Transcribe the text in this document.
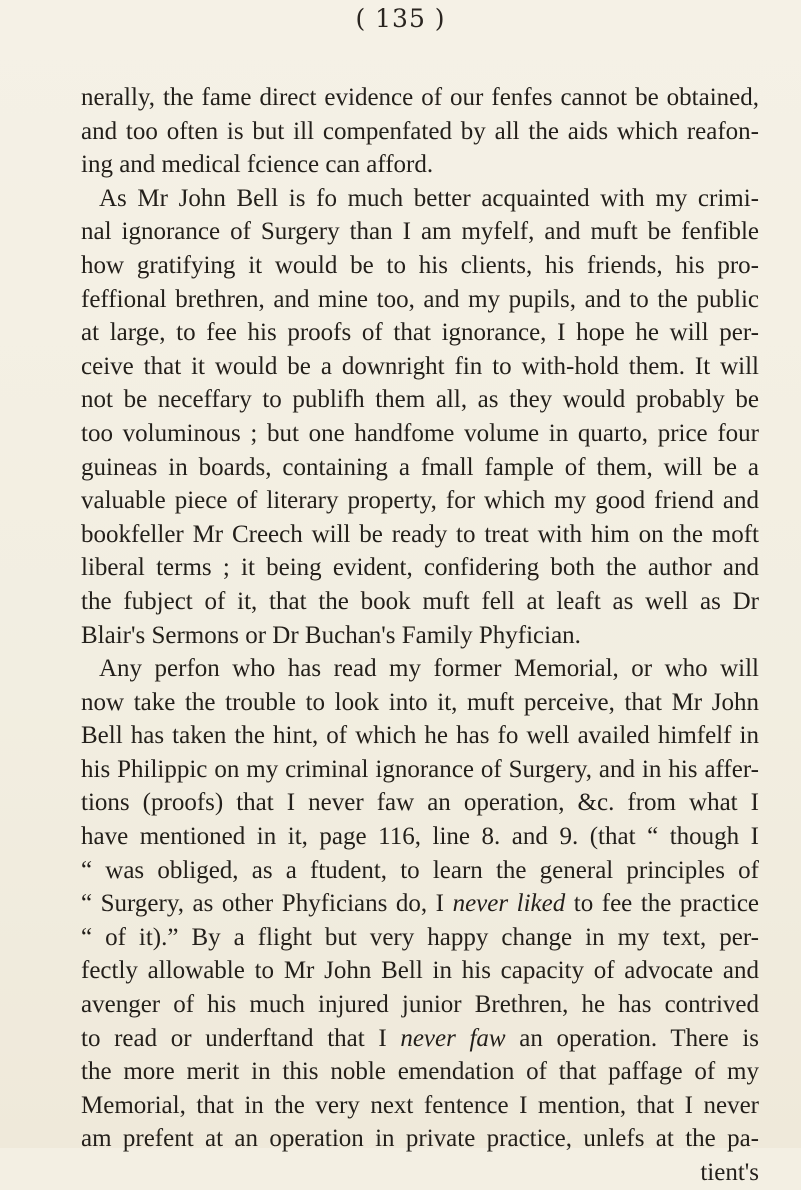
( 135 )
nerally, the fame direct evidence of our fenfes cannot be obtained,
and too often is but ill compenfated by all the aids which reafon-
ing and medical fcience can afford.
As Mr John Bell is fo much better acquainted with my crimi-
nal ignorance of Surgery than I am myfelf, and muft be fenfible
how gratifying it would be to his clients, his friends, his pro-
feffional brethren, and mine too, and my pupils, and to the public
at large, to fee his proofs of that ignorance, I hope he will per-
ceive that it would be a downright fin to with-hold them. It will
not be neceffary to publifh them all, as they would probably be
too voluminous ; but one handfome volume in quarto, price four
guineas in boards, containing a fmall fample of them, will be a
valuable piece of literary property, for which my good friend and
bookfeller Mr Creech will be ready to treat with him on the moft
liberal terms ; it being evident, confidering both the author and
the fubject of it, that the book muft fell at leaft as well as Dr
Blair's Sermons or Dr Buchan's Family Phyfician.
Any perfon who has read my former Memorial, or who will
now take the trouble to look into it, muft perceive, that Mr John
Bell has taken the hint, of which he has fo well availed himfelf in
his Philippic on my criminal ignorance of Surgery, and in his affer-
tions (proofs) that I never faw an operation, &c. from what I
have mentioned in it, page 116, line 8. and 9. (that “ though I
“ was obliged, as a ftudent, to learn the general principles of
“ Surgery, as other Phyficians do, I never liked to fee the practice
“ of it).” By a flight but very happy change in my text, per-
fectly allowable to Mr John Bell in his capacity of advocate and
avenger of his much injured junior Brethren, he has contrived
to read or underftand that I never faw an operation. There is
the more merit in this noble emendation of that paffage of my
Memorial, that in the very next fentence I mention, that I never
am prefent at an operation in private practice, unlefs at the pa-
tient's
